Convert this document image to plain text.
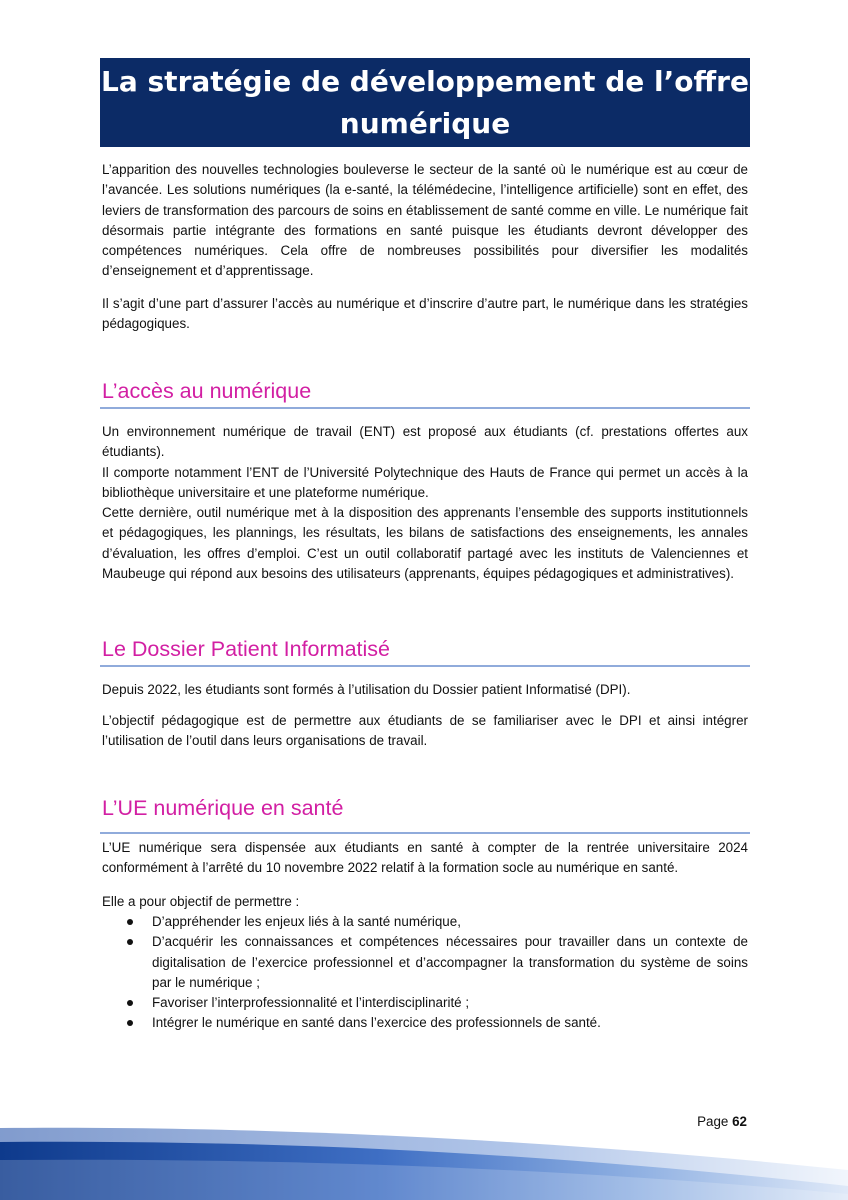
La stratégie de développement de l’offre numérique

L’apparition des nouvelles technologies bouleverse le secteur de la santé où le numérique est au cœur de l’avancée. Les solutions numériques (la e-santé, la télémédecine, l’intelligence artificielle) sont en effet, des leviers de transformation des parcours de soins en établissement de santé comme en ville. Le numérique fait désormais partie intégrante des formations en santé puisque les étudiants devront développer des compétences numériques. Cela offre de nombreuses possibilités pour diversifier les modalités d’enseignement et d’apprentissage.

Il s’agit d’une part d’assurer l’accès au numérique et d’inscrire d’autre part, le numérique dans les stratégies pédagogiques.

L’accès au numérique
Un environnement numérique de travail (ENT) est proposé aux étudiants (cf. prestations offertes aux étudiants).
Il comporte notamment l’ENT de l’Université Polytechnique des Hauts de France qui permet un accès à la bibliothèque universitaire et une plateforme numérique.
Cette dernière, outil numérique met à la disposition des apprenants l’ensemble des supports institutionnels et pédagogiques, les plannings, les résultats, les bilans de satisfactions des enseignements, les annales d’évaluation, les offres d’emploi. C’est un outil collaboratif partagé avec les instituts de Valenciennes et Maubeuge qui répond aux besoins des utilisateurs (apprenants, équipes pédagogiques et administratives).
Le Dossier Patient Informatisé

Depuis 2022, les étudiants sont formés à l’utilisation du Dossier patient Informatisé (DPI).

L’objectif pédagogique est de permettre aux étudiants de se familiariser avec le DPI et ainsi intégrer l’utilisation de l’outil dans leurs organisations de travail.

L’UE numérique en santé

L’UE numérique sera dispensée aux étudiants en santé à compter de la rentrée universitaire 2024 conformément à l’arrêté du 10 novembre 2022 relatif à la formation socle au numérique en santé.

Elle a pour objectif de permettre :

D’appréhender les enjeux liés à la santé numérique,
D’acquérir les connaissances et compétences nécessaires pour travailler dans un contexte de digitalisation de l’exercice professionnel et d’accompagner la transformation du système de soins par le numérique ;
Favoriser l’interprofessionnalité et l’interdisciplinarité ;
Intégrer le numérique en santé dans l’exercice des professionnels de santé.
Page 62
